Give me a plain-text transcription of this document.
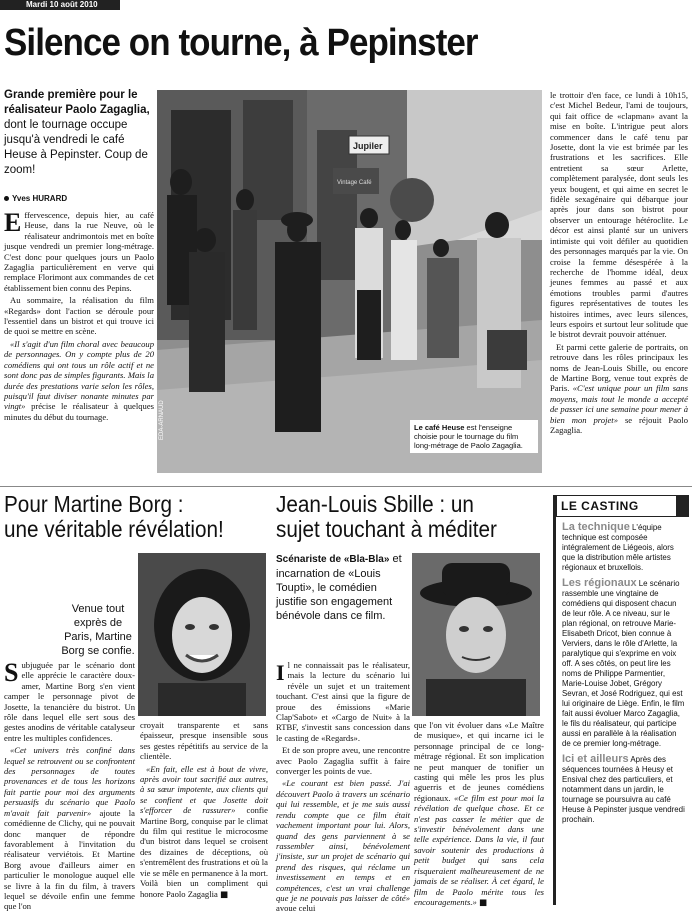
Mardi 10 août 2010
Silence on tourne, à Pepinster
Grande première pour le réalisateur Paolo Zagaglia, dont le tournage occupe jusqu'à vendredi le café Heuse à Pepinster. Coup de zoom!
Yves HURARD

Effervescence, depuis hier, au café Heuse, dans la rue Neuve, où le réalisateur andrimontois met en boîte jusque vendredi un premier long-métrage. C'est donc pour quelques jours un Paolo Zagaglia particulièrement en verve qui remplace Florimont aux commandes de cet établissement bien connu des Pepins.

Au sommaire, la réalisation du film «Regards» dont l'action se déroule pour l'essentiel dans un bistrot et qui trouve ici de quoi se mettre en scène.

«Il s'agit d'un film choral avec beaucoup de personnages. On y compte plus de 20 comédiens qui ont tous un rôle actif et ne sont donc pas de simples figurants. Mais la durée des prestations varie selon les rôles, puisqu'il faut diviser nonante minutes par vingt» précise le réalisateur à quelques minutes du début du tournage.

Jupiler
Vintage Café
EDA-ARNAUD	Le café Heuse est l'enseigne choisie pour le tournage du film long-métrage de Paolo Zagaglia.

le trottoir d'en face, ce lundi à 10h15, c'est Michel Bedeur, l'ami de toujours, qui fait office de «clapman» avant la mise en boîte. L'intrigue peut alors commencer dans le café tenu par Josette, dont la vie est brimée par les frustrations et les sacrifices. Elle entretient sa sœur Arlette, complètement paralysée, dont seuls les yeux bougent, et qui aime en secret le fidèle sexagénaire qui débarque jour après jour dans son bistrot pour observer un entourage hétéroclite. Le décor est ainsi planté sur un univers intimiste qui voit défiler au quotidien des personnages marqués par la vie. On croise la femme désespérée à la recherche de l'homme idéal, deux jeunes femmes au passé et aux émotions troubles parmi d'autres figures représentatives de toutes les histoires intimes, avec leurs silences, leurs espoirs et surtout leur solitude que le bistrot devrait pouvoir atténuer.

Et parmi cette galerie de portraits, on retrouve dans les rôles principaux les noms de Jean-Louis Sbille, ou encore de Martine Borg, venue tout exprès de Paris. «C'est unique pour un film sans moyens, mais tout le monde a accepté de passer ici une semaine pour mener à bien mon projet» se réjouit Paolo Zagaglia.

Pour Martine Borg :
une véritable révélation!
Venue tout exprès de Paris, Martine Borg se confie.

Subjuguée par le scénario dont elle apprécie le caractère doux-amer, Martine Borg s'en vient camper le personnage pivot de Josette, la tenancière du bistrot. Un rôle dans lequel elle sert sous des gestes anodins de véritable catalyseur entre les multiples confidences.

«Cet univers très confiné dans lequel se retrouvent ou se confrontent des personnages de toutes provenances et de tous les horizons fait partie pour moi des arguments persuasifs du scénario que Paolo m'avait fait parvenir» ajoute la comédienne de Clichy, qui ne pouvait donc manquer de répondre favorablement à l'invitation du réalisateur verviétois. Et Martine Borg avoue d'ailleurs aimer en particulier le monologue auquel elle se livre à la fin du film, à travers lequel se dévoile enfin une femme que l'on

croyait transparente et sans épaisseur, presque insensible sous ses gestes répétitifs au service de la clientèle.

«En fait, elle est à bout de vivre, après avoir tout sacrifié aux autres, à sa sœur impotente, aux clients qui se confient et que Josette doit s'efforcer de rassurer» confie Martine Borg, conquise par le climat du film qui restitue le microcosme d'un bistrot dans lequel se croisent des dizaines de déceptions, où s'entremêlent des frustrations et où la vie se mêle en permanence à la mort. Voilà bien un compliment qui honore Paolo Zagaglia ■

Jean-Louis Sbille : un
sujet touchant à méditer
Scénariste de «Bla-Bla» et incarnation de «Louis Toupti», le comédien justifie son engagement bénévole dans ce film.

Il ne connaissait pas le réalisateur, mais la lecture du scénario lui révèle un sujet et un traitement touchant. C'est ainsi que la figure de proue des émissions «Marie Clap'Sabot» et «Cargo de Nuit» à la RTBF, s'investit sans concession dans le casting de «Regards».

Et de son propre aveu, une rencontre avec Paolo Zagaglia suffit à faire converger les points de vue.

«Le courant est bien passé. J'ai découvert Paolo à travers un scénario qui lui ressemble, et je me suis aussi rendu compte que ce film était vachement important pour lui. Alors, quand des gens parviennent à se rassembler ainsi, bénévolement j'insiste, sur un projet de scénario qui prend des risques, qui réclame un investissement en temps et en compétences, c'est un vrai challenge que je ne pouvais pas laisser de côté» avoue celui

que l'on vit évoluer dans «Le Maître de musique», et qui incarne ici le personnage principal de ce long-métrage régional. Et son implication ne peut manquer de tonifier un casting qui mêle les pros les plus aguerris et de jeunes comédiens régionaux. «Ce film est pour moi la révélation de quelque chose. Et ce n'est pas casser le métier que de s'investir bénévolement dans une telle expérience. Dans la vie, il faut savoir soutenir des productions à petit budget qui sans cela risqueraient malheureusement de ne jamais de se réaliser. À cet égard, le film de Paolo mérite tous les encouragements.» ■

LE CASTING

La technique L'équipe technique est composée intégralement de Liégeois, alors que la distribution mêle artistes régionaux et bruxellois.

Les régionaux Le scénario rassemble une vingtaine de comédiens qui disposent chacun de leur rôle. A ce niveau, sur le plan régional, on retrouve Marie-Elisabeth Dricot, bien connue à Verviers, dans le rôle d'Arlette, la paralytique qui s'exprime en voix off. A ses côtés, on peut lire les noms de Philippe Parmentier, Marie-Louise Jobet, Grégory Sevran, et José Rodriguez, qui est lui originaire de Liège. Enfin, le film fait aussi évoluer Marco Zagaglia, le fils du réalisateur, qui participe aussi en parallèle à la réalisation de ce premier long-métrage.

Ici et ailleurs Après des séquences tournées à Heusy et Ensival chez des particuliers, et notamment dans un jardin, le tournage se poursuivra au café Heuse à Pepinster jusque vendredi prochain.
